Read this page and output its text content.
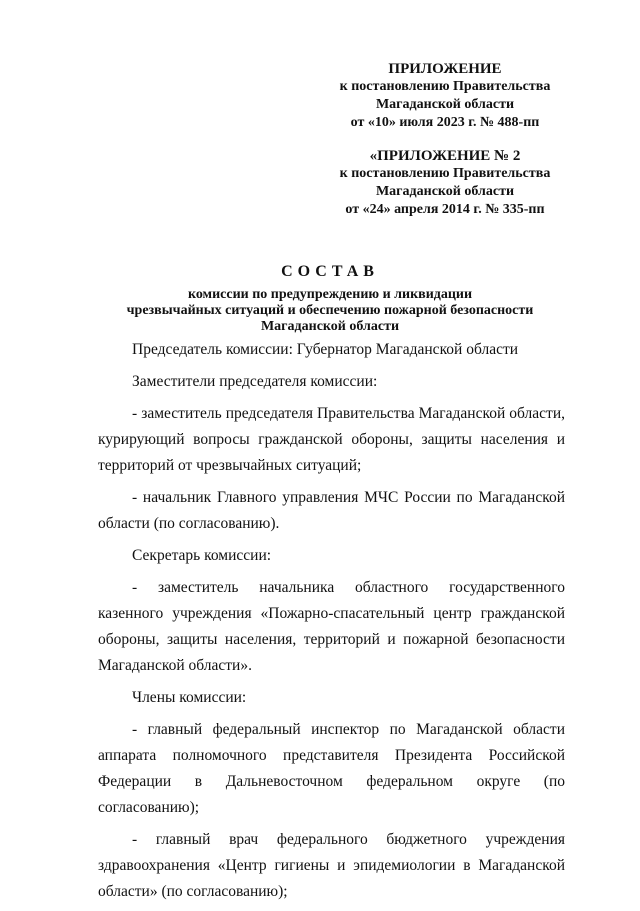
ПРИЛОЖЕНИЕ
к постановлению Правительства
Магаданской области
от «10» июля 2023 г. № 488-пп
«ПРИЛОЖЕНИЕ № 2
к постановлению Правительства
Магаданской области
от «24» апреля 2014 г. № 335-пп
СОСТАВ
комиссии по предупреждению и ликвидации
чрезвычайных ситуаций и обеспечению пожарной безопасности
Магаданской области

Председатель комиссии: Губернатор Магаданской области

Заместители председателя комиссии:

- заместитель председателя Правительства Магаданской области, курирующий вопросы гражданской обороны, защиты населения и территорий от чрезвычайных ситуаций;

- начальник Главного управления МЧС России по Магаданской области (по согласованию).

Секретарь комиссии:

- заместитель начальника областного государственного казенного учреждения «Пожарно-спасательный центр гражданской обороны, защиты населения, территорий и пожарной безопасности Магаданской области».

Члены комиссии:

- главный федеральный инспектор по Магаданской области аппарата полномочного представителя Президента Российской Федерации в Дальневосточном федеральном округе (по согласованию);

- главный врач федерального бюджетного учреждения здравоохранения «Центр гигиены и эпидемиологии в Магаданской области» (по согласованию);
